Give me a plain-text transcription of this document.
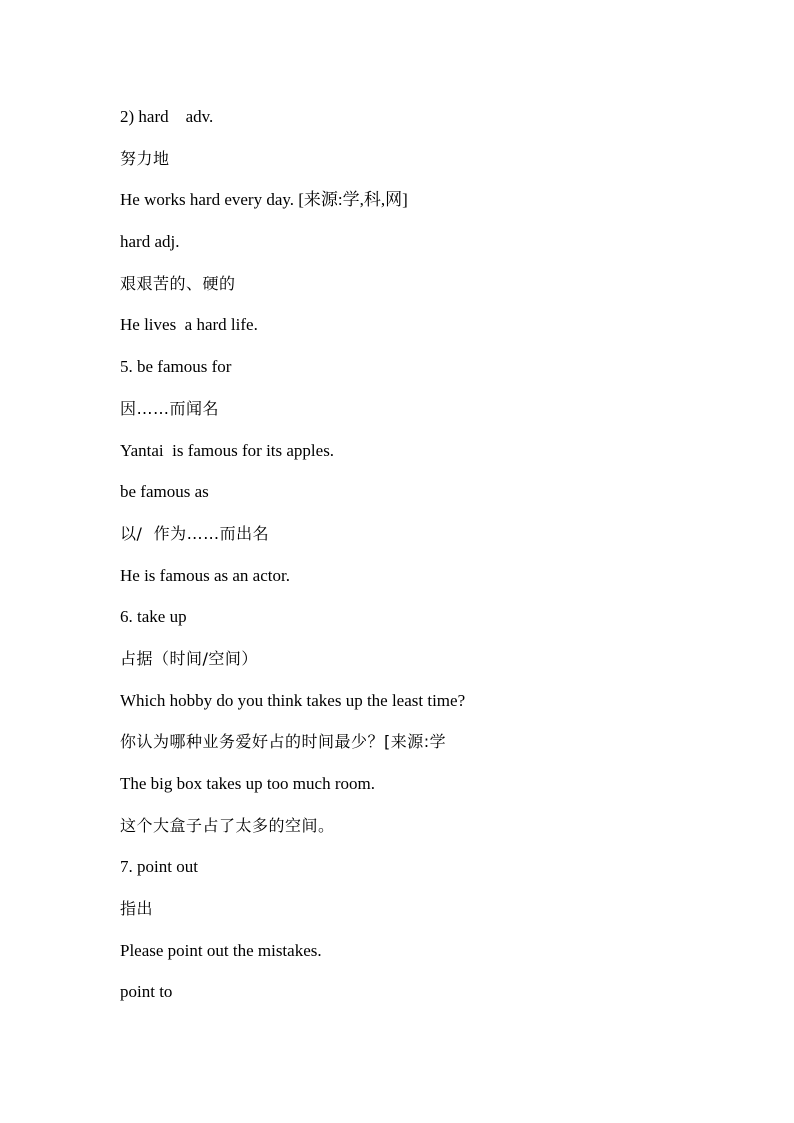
2) hard    adv.
努力地
He works hard every day. [来源:学,科,网]
hard adj.
艰艰苦的、硬的
He lives  a hard life.
5. be famous for
因……而闻名
Yantai  is famous for its apples.
be famous as
以/  作为……而出名
He is famous as an actor.
6. take up
占据（时间/空间）
Which hobby do you think takes up the least time?
你认为哪种业务爱好占的时间最少？[来源:学
The big box takes up too much room.
这个大盒子占了太多的空间。
7. point out
指出
Please point out the mistakes.
point to
